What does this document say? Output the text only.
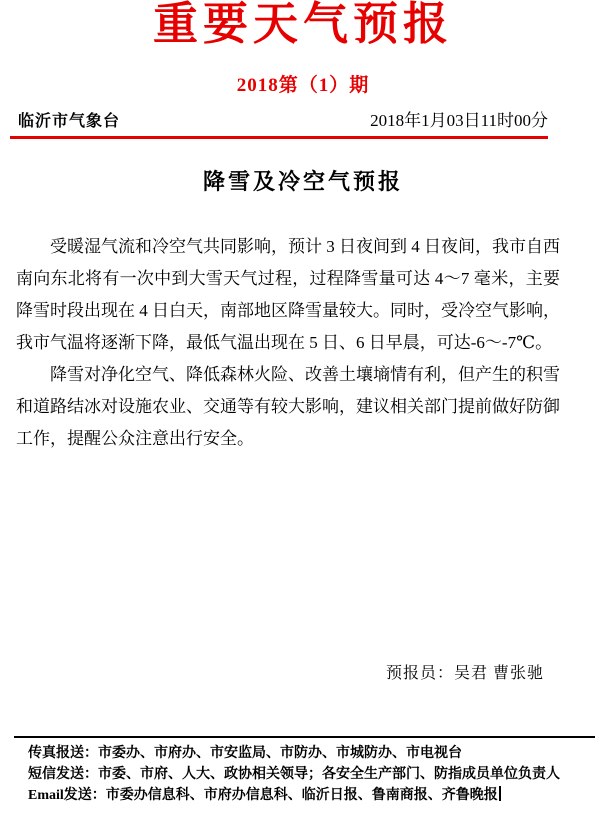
重要天气预报
2018第（1）期
临沂市气象台	2018年1月03日11时00分
降雪及冷空气预报
受暖湿气流和冷空气共同影响，预计 3 日夜间到 4 日夜间，我市自西
南向东北将有一次中到大雪天气过程，过程降雪量可达 4～7 毫米，主要
降雪时段出现在 4 日白天，南部地区降雪量较大。同时，受冷空气影响，
我市气温将逐渐下降，最低气温出现在 5 日、6 日早晨，可达-6～-7℃。
降雪对净化空气、降低森林火险、改善土壤墒情有利，但产生的积雪
和道路结冰对设施农业、交通等有较大影响，建议相关部门提前做好防御
工作，提醒公众注意出行安全。
预报员：吴君 曹张驰
传真报送：市委办、市府办、市安监局、市防办、市城防办、市电视台
短信发送：市委、市府、人大、政协相关领导；各安全生产部门、防指成员单位负责人
Email发送：市委办信息科、市府办信息科、临沂日报、鲁南商报、齐鲁晚报
